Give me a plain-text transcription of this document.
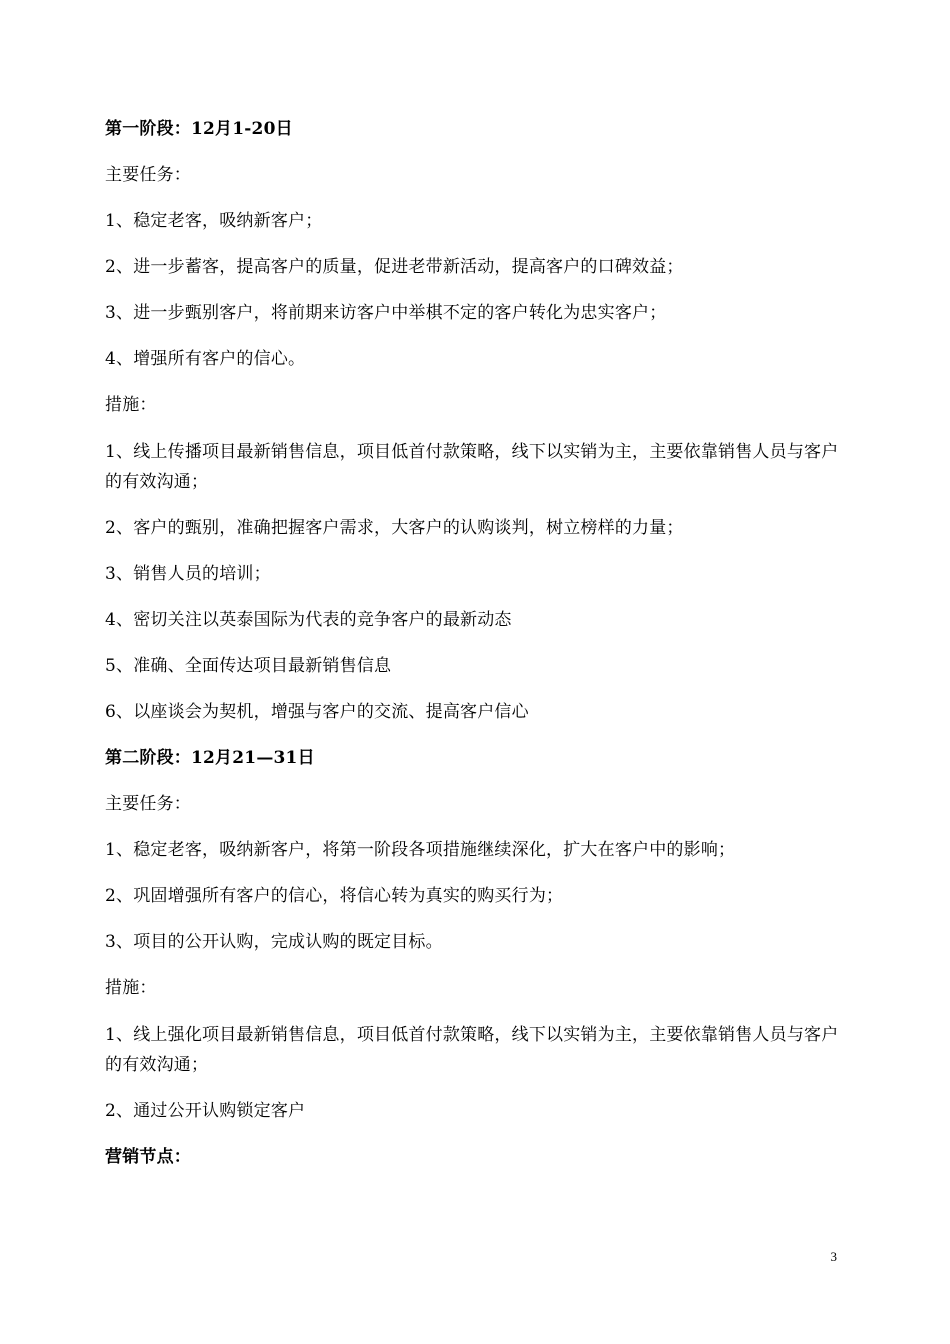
第一阶段：12月1-20日

主要任务：

1、稳定老客，吸纳新客户；

2、进一步蓄客，提高客户的质量，促进老带新活动，提高客户的口碑效益；

3、进一步甄别客户，将前期来访客户中举棋不定的客户转化为忠实客户；

4、增强所有客户的信心。

措施：

1、线上传播项目最新销售信息，项目低首付款策略，线下以实销为主，主要依靠销售人员与客户的有效沟通；

2、客户的甄别，准确把握客户需求，大客户的认购谈判，树立榜样的力量；

3、销售人员的培训；

4、密切关注以英泰国际为代表的竞争客户的最新动态

5、准确、全面传达项目最新销售信息

6、以座谈会为契机，增强与客户的交流、提高客户信心

第二阶段：12月21—31日

主要任务：

1、稳定老客，吸纳新客户，将第一阶段各项措施继续深化，扩大在客户中的影响；

2、巩固增强所有客户的信心，将信心转为真实的购买行为；

3、项目的公开认购，完成认购的既定目标。

措施：

1、线上强化项目最新销售信息，项目低首付款策略，线下以实销为主，主要依靠销售人员与客户的有效沟通；

2、通过公开认购锁定客户

营销节点：

3
